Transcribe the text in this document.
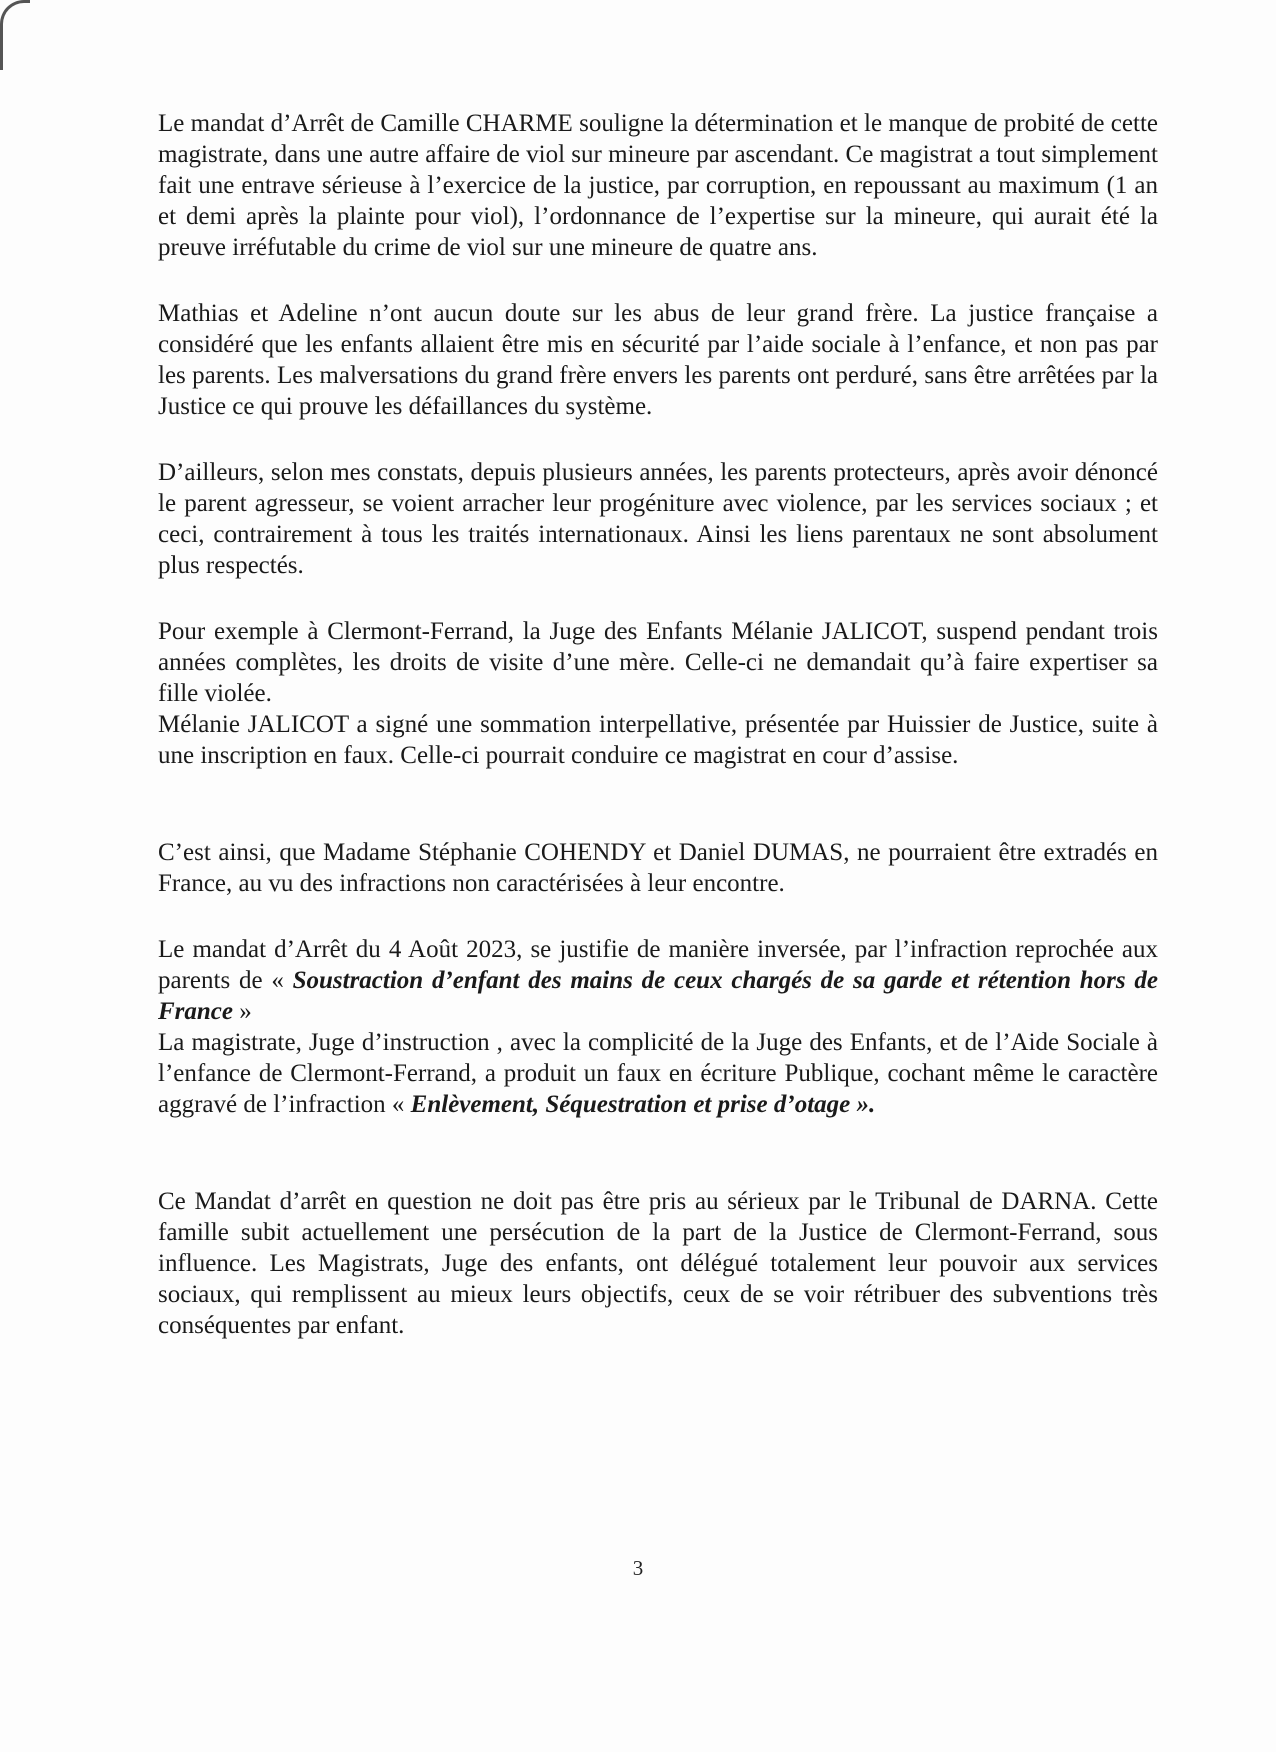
Le mandat d’Arrêt de Camille CHARME souligne la détermination et le manque de probité de cette magistrate, dans une autre affaire de viol sur mineure par ascendant. Ce magistrat a tout simplement fait une entrave sérieuse à l’exercice de la justice, par corruption, en repoussant au maximum (1 an et demi après la plainte pour viol), l’ordonnance de l’expertise sur la mineure, qui aurait été la preuve irréfutable du crime de viol sur une mineure de quatre ans.

Mathias et Adeline n’ont aucun doute sur les abus de leur grand frère. La justice française a considéré que les enfants allaient être mis en sécurité par l’aide sociale à l’enfance, et non pas par les parents. Les malversations du grand frère envers les parents ont perduré, sans être arrêtées par la Justice ce qui prouve les défaillances du système.

D’ailleurs, selon mes constats, depuis plusieurs années, les parents protecteurs, après avoir dénoncé le parent agresseur, se voient arracher leur progéniture avec violence, par les services sociaux ; et ceci, contrairement à tous les traités internationaux. Ainsi les liens parentaux ne sont absolument plus respectés.

Pour exemple à Clermont-Ferrand, la Juge des Enfants Mélanie JALICOT, suspend pendant trois années complètes, les droits de visite d’une mère. Celle-ci ne demandait qu’à faire expertiser sa fille violée.

Mélanie JALICOT a signé une sommation interpellative, présentée par Huissier de Justice, suite à une inscription en faux. Celle-ci pourrait conduire ce magistrat en cour d’assise.

C’est ainsi, que Madame Stéphanie COHENDY et Daniel DUMAS, ne pourraient être extradés en France, au vu des infractions non caractérisées à leur encontre.

Le mandat d’Arrêt du 4 Août 2023, se justifie de manière inversée, par l’infraction reprochée aux parents de « Soustraction d’enfant des mains de ceux chargés de sa garde et rétention hors de France »

La magistrate, Juge d’instruction , avec la complicité de la Juge des Enfants, et de l’Aide Sociale à l’enfance de Clermont-Ferrand, a produit un faux en écriture Publique, cochant même le caractère aggravé de l’infraction « Enlèvement, Séquestration et prise d’otage ».

Ce Mandat d’arrêt en question ne doit pas être pris au sérieux par le Tribunal de DARNA. Cette famille subit actuellement une persécution de la part de la Justice de Clermont-Ferrand, sous influence. Les Magistrats, Juge des enfants, ont délégué totalement leur pouvoir aux services sociaux, qui remplissent au mieux leurs objectifs, ceux de se voir rétribuer des subventions très conséquentes par enfant.

3
